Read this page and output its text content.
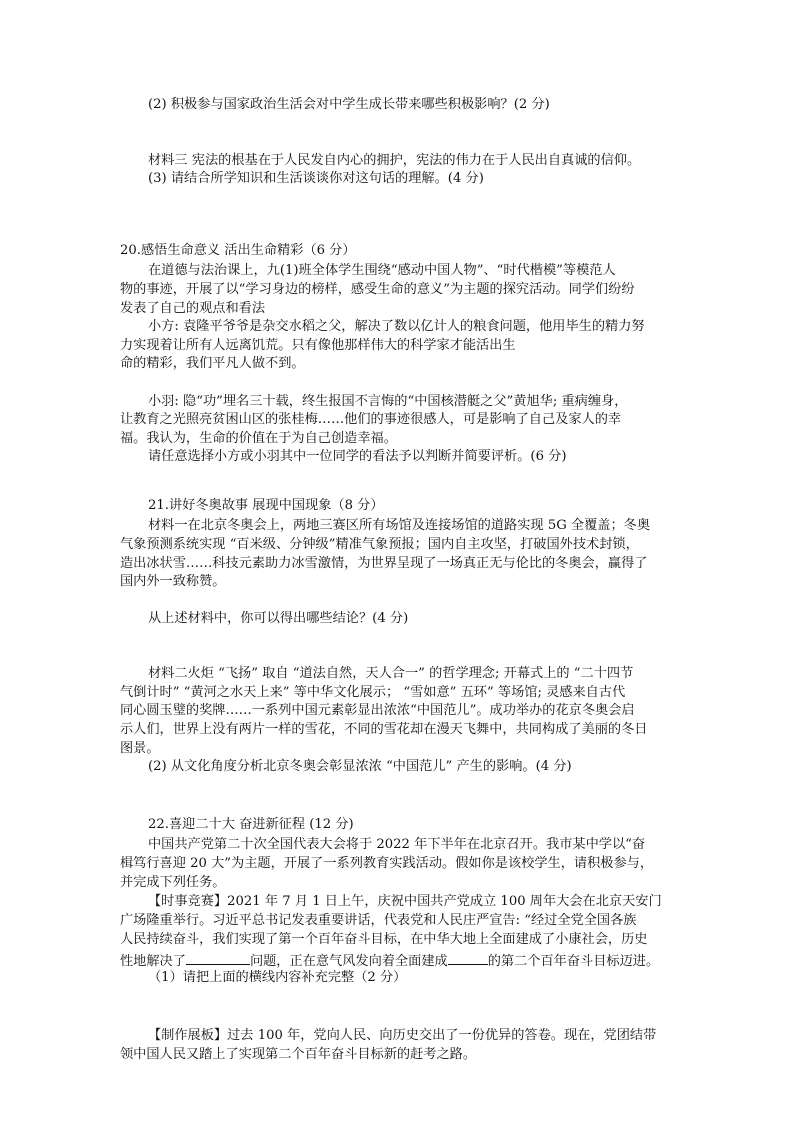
(2) 积极参与国家政治生活会对中学生成长带来哪些积极影响？(2 分)
材料三 宪法的根基在于人民发自内心的拥护，宪法的伟力在于人民出自真诚的信仰。
(3) 请结合所学知识和生活谈谈你对这句话的理解。(4 分)
20.感悟生命意义 活出生命精彩（6 分）
在道德与法治课上，九(1)班全体学生围绕“感动中国人物”、“时代楷模”等模范人
物的事迹，开展了以“学习身边的榜样，感受生命的意义”为主题的探究活动。同学们纷纷
发表了自己的观点和看法
小方: 袁隆平爷爷是杂交水稻之父，解决了数以亿计人的粮食问题，他用毕生的精力努
力实现着让所有人远离饥荒。只有像他那样伟大的科学家才能活出生
命的精彩，我们平凡人做不到。
小羽: 隐“功”埋名三十载，终生报国不言悔的“中国核潜艇之父”黄旭华; 重病缠身，
让教育之光照亮贫困山区的张桂梅……他们的事迹很感人，可是影响了自己及家人的幸
福。我认为，生命的价值在于为自己创造幸福。
请任意选择小方或小羽其中一位同学的看法予以判断并简要评析。(6 分)
21.讲好冬奥故事 展现中国现象（8 分）
材料一在北京冬奥会上，两地三赛区所有场馆及连接场馆的道路实现 5G 全覆盖；冬奥
气象预测系统实现 “百米级、分钟级”精准气象预报；国内自主攻坚，打破国外技术封锁，
造出冰状雪……科技元素助力冰雪激情，为世界呈现了一场真正无与伦比的冬奥会，赢得了
国内外一致称赞。
从上述材料中，你可以得出哪些结论？(4 分)
材料二火炬 “飞扬” 取自 “道法自然，天人合一” 的哲学理念; 开幕式上的 “二十四节
气倒计时” “黄河之水天上来” 等中华文化展示； “雪如意” 五环” 等场馆; 灵感来自古代
同心圆玉璧的奖牌……一系列中国元素彰显出浓浓“中国范儿”。成功举办的花京冬奥会启
示人们，世界上没有两片一样的雪花，不同的雪花却在漫天飞舞中，共同构成了美丽的冬日
图景。
(2) 从文化角度分析北京冬奥会彰显浓浓 “中国范儿” 产生的影响。(4 分)
22.喜迎二十大 奋进新征程 (12 分)
中国共产党第二十次全国代表大会将于 2022 年下半年在北京召开。我市某中学以“奋
楫笃行喜迎 20 大”为主题，开展了一系列教育实践活动。假如你是该校学生，请积极参与，
并完成下列任务。
【时事竞赛】2021 年 7 月 1 日上午，庆祝中国共产党成立 100 周年大会在北京天安门
广场隆重举行。习近平总书记发表重要讲话，代表党和人民庄严宣告: “经过全党全国各族
人民持续奋斗，我们实现了第一个百年奋斗目标，在中华大地上全面建成了小康社会，历史
性地解决了	问题，正在意气风发向着全面建成	的第二个百年奋斗目标迈进。
（1）请把上面的横线内容补充完整（2 分）
【制作展板】过去 100 年，党向人民、向历史交出了一份优异的答卷。现在，党团结带
领中国人民又踏上了实现第二个百年奋斗目标新的赶考之路。
